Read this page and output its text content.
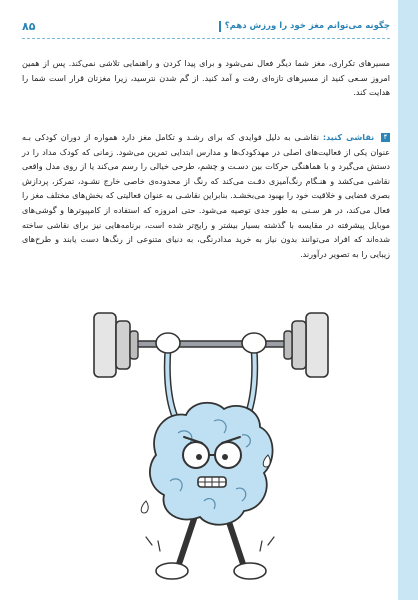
چگونه می‌توانم مغز خود را ورزش دهم؟
۸۵

مسیرهای تکراری، مغز شما دیگر فعال نمی‌شود و برای پیدا کردن و راهنمایی تلاشی نمی‌کند. پس از همین امروز سـعی کنید از مسیرهای تازه‌ای رفت و آمد کنید. از گم شدن نترسید، زیرا مغزتان قرار است شما را هدایت کند.

۴ نقاشی کنید: نقاشـی به دلیل فوایدی که برای رشـد و تکامل مغز دارد همواره از دوران کودکی بـه عنوان یکی از فعالیت‌های اصلی در مهدکودک‌ها و مدارس ابتدایی تمرین می‌شود. زمانی که کودک مداد را در دستش می‌گیرد و با هماهنگی حرکات بین دسـت و چشم، طرحی خیالی را رسم می‌کند یا از روی مدل واقعی نقاشی می‌کشد و هنـگام رنگ‌آمیزی دقـت می‌کند که رنگ از محدوده‌ی خاصی خارج نشـود، تمرکز، پردازش بصری فضایی و خلاقیت خود را بهبود می‌بخشـد. بنابراین نقاشـی به عنوان فعالیتی که بخش‌های مختلف مغز را فعال می‌کند، در هر سـنی به طور جدی توصیه می‌شود. حتی امروزه که استفاده از کامپیوترها و گوشی‌های موبایل پیشرفته در مقایسه با گذشته بسیار بیشتر و رایج‌تر شده است، برنامه‌هایی نیز برای نقاشی ساخته شده‌اند که افراد می‌توانند بدون نیاز به خرید مدادرنگی، به دنیای متنوعی از رنگ‌ها دست یابند و طرح‌های زیبایی را به تصویر درآورند.
